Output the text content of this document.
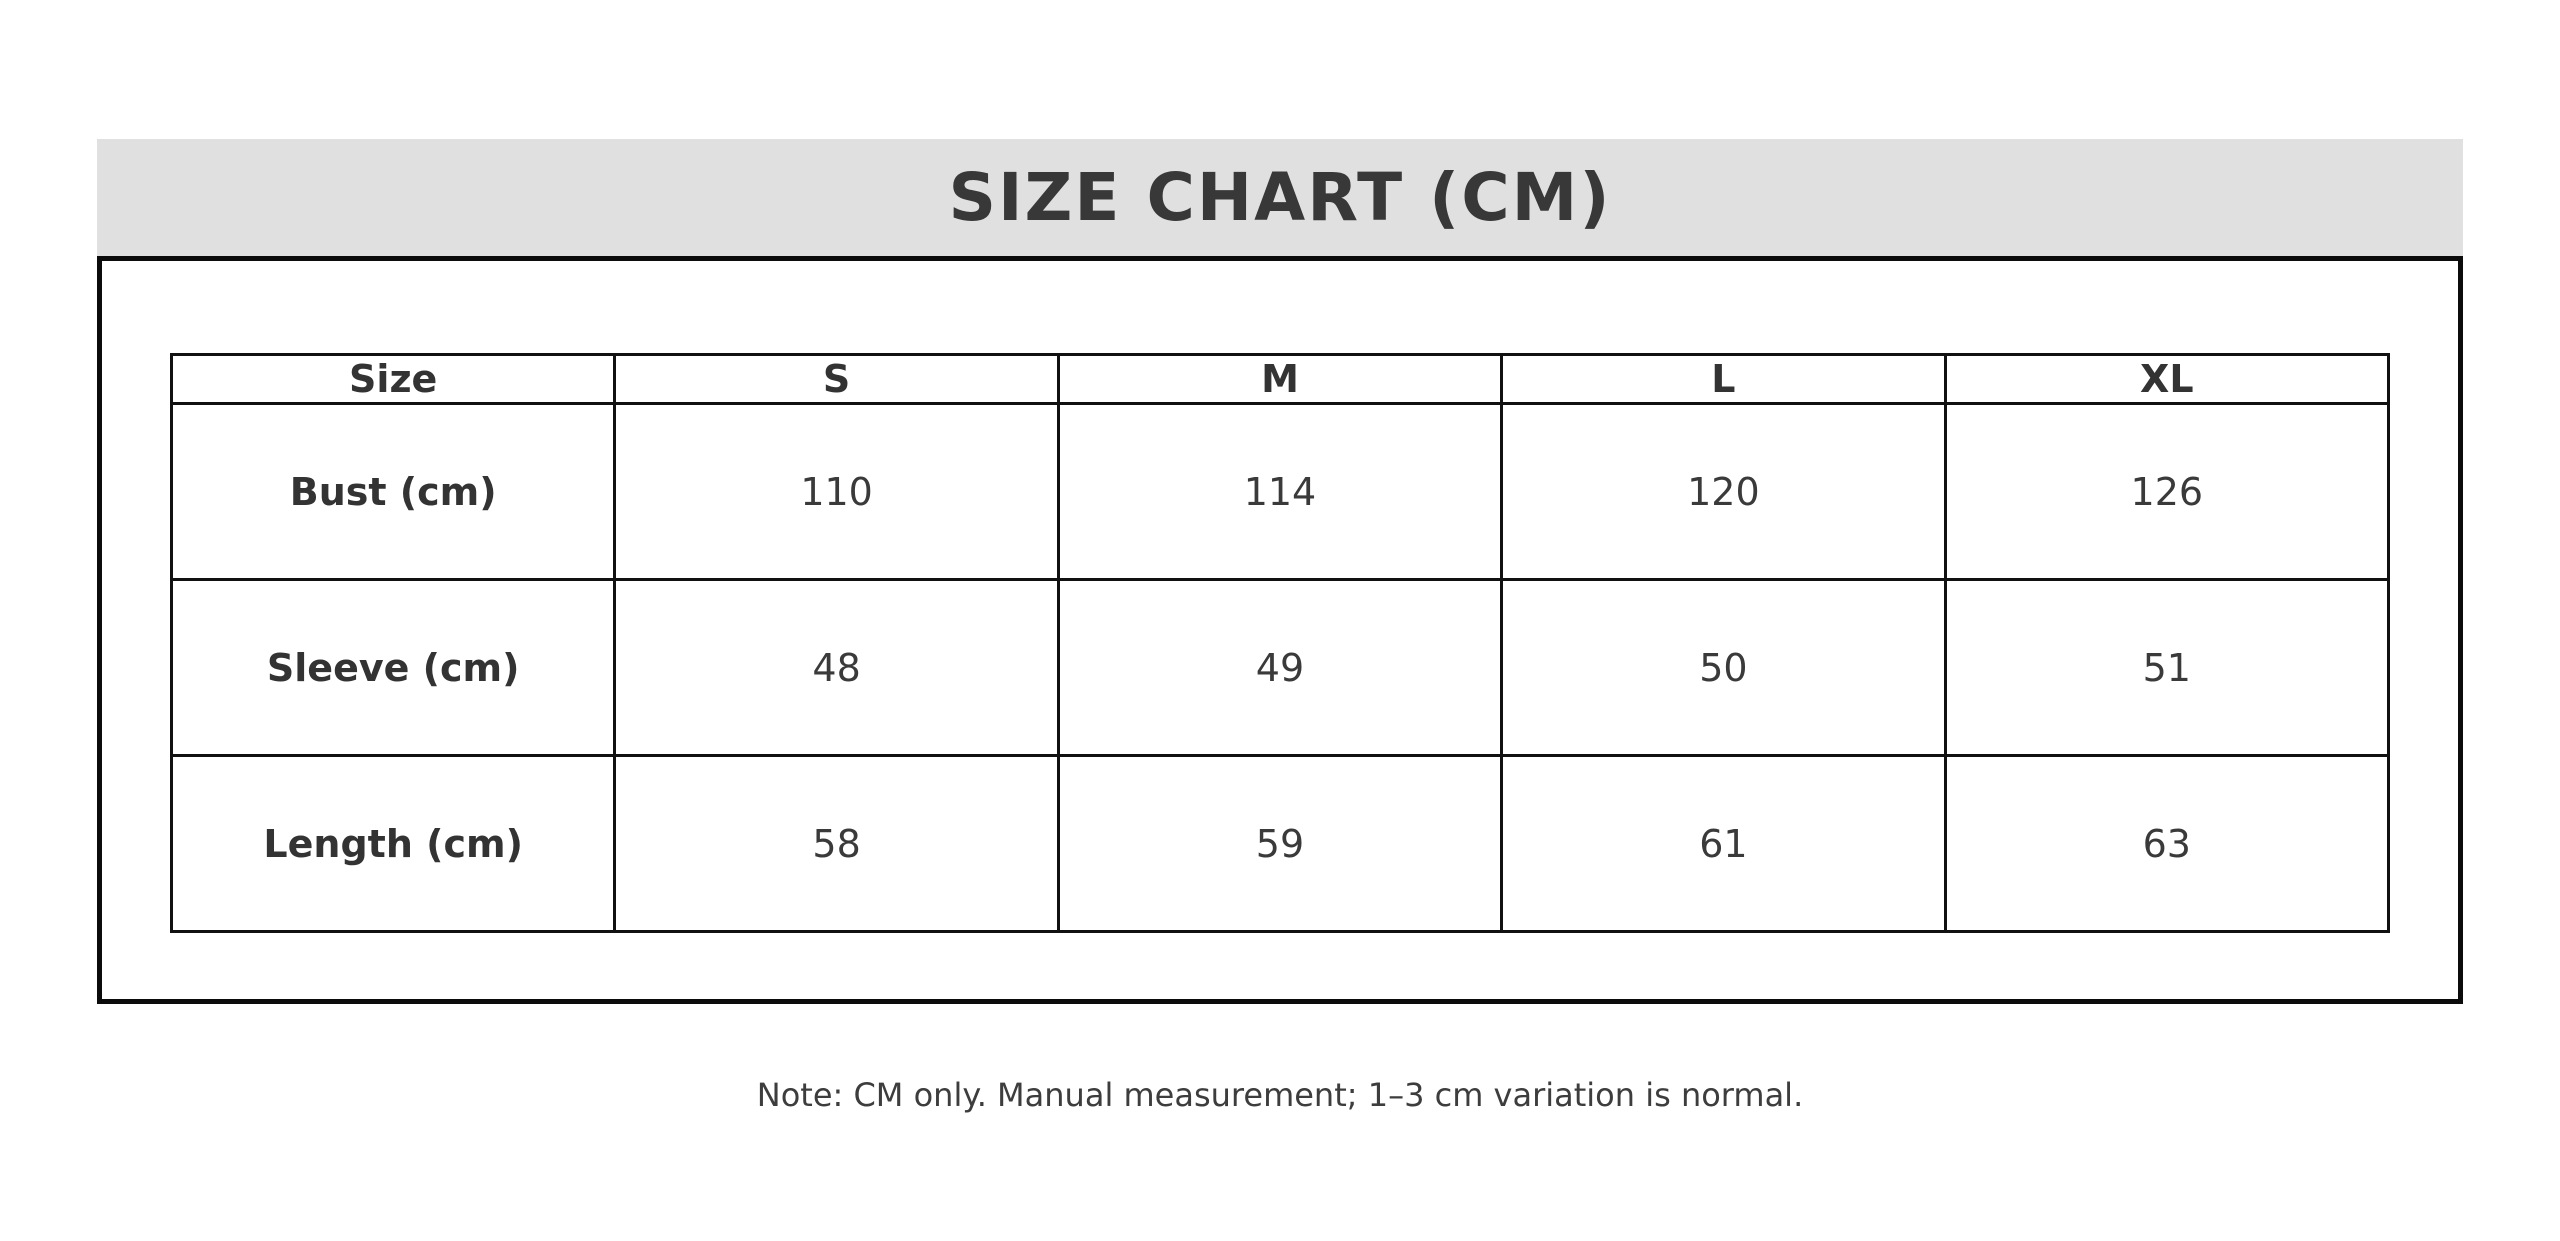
SIZE CHART (CM)
Size	S	M	L	XL
Bust (cm)	110	114	120	126
Sleeve (cm)	48	49	50	51
Length (cm)	58	59	61	63
Note: CM only. Manual measurement; 1–3 cm variation is normal.
